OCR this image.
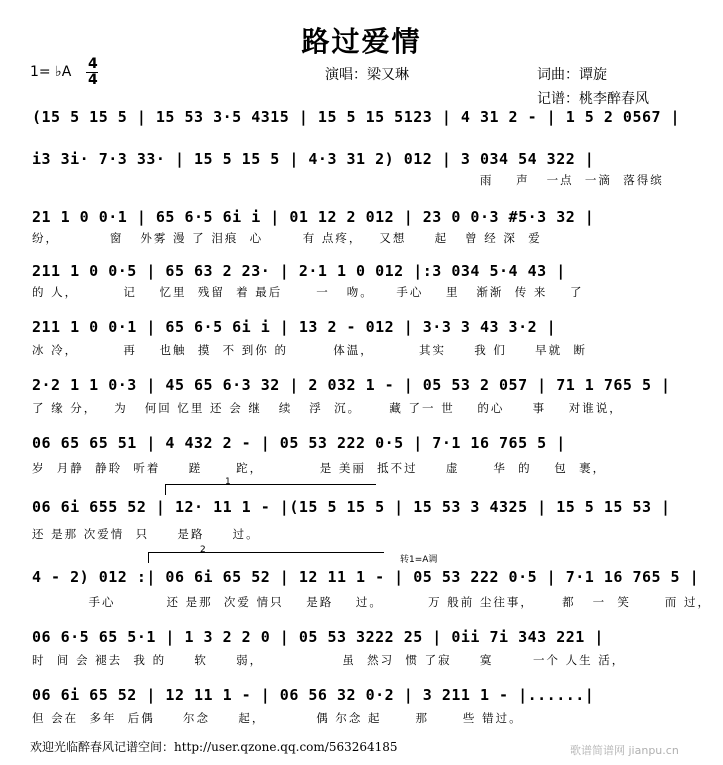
路过爱情
1= ♭A 4
4	演唱：梁又琳	词曲：谭旋
记谱：桃李醉春风
(15 5 15 5 | 15 53 3·5 4315 | 15 5 15 5123 | 4 31 2 - | 1 5 2 0567 |
i3 3i· 7·3 33· | 15 5 15 5 | 4·3 31 2) 012 | 3 034 54 322 |
雨    声   一点  一滴  落得缤
21 1 0 0·1 | 65 6·5 6i i | 01 12 2 012 | 23 0 0·3 #5·3 32 |
纷，         窗   外雾 漫 了 泪痕  心       有 点疼，   又想     起   曾 经 深  爱
211 1 0 0·5 | 65 63 2 23· | 2·1 1 0 012 |:3 034 5·4 43 |
的 人，        记    忆里  残留  着 最后      一   吻。    手心    里   渐渐  传 来    了
211 1 0 0·1 | 65 6·5 6i i | 13 2 - 012 | 3·3 3 43 3·2 |
冰 冷，        再    也触  摸  不 到你 的        体温，        其实     我 们     早就  断
2·2 1 1 0·3 | 45 65 6·3 32 | 2 032 1 - | 05 53 2 057 | 71 1 765 5 |
了 缘 分，   为   何回 忆里 还 会 继   续   浮  沉。     藏 了一 世    的心     事    对谁说，
06 65 65 51 | 4 432 2 - | 05 53 222 0·5 | 7·1 16 765 5 |
岁  月静  静聆  听着     蹉      跎，          是 美丽  抵不过     虚      华  的    包  裹，
1
06 6i 655 52 | 12· 11 1 - |(15 5 15 5 | 15 53 3 4325 | 15 5 15 53 |
还 是那 次爱情  只     是路     过。
2
转1=A调
4 - 2) 012 :| 06 6i 65 52 | 12 11 1 - | 05 53 222 0·5 | 7·1 16 765 5 |
手心         还 是那  次爱 情只    是路    过。        万 般前 尘往事，     都   一  笑      而 过，
06 6·5 65 5·1 | 1 3 2 2 0 | 05 53 3222 25 | 0ii 7i 343 221 |
时  间 会 褪去  我 的     软     弱，              虽  然习  惯 了寂     寞       一个 人生 活，
06 6i 65 52 | 12 11 1 - | 06 56 32 0·2 | 3 211 1 - |......|
但 会在  多年  后偶     尔念     起，         偶 尔念 起      那      些 错过。
欢迎光临醉春风记谱空间：http://user.qzone.qq.com/563264185	歌谱简谱网 jianpu.cn
